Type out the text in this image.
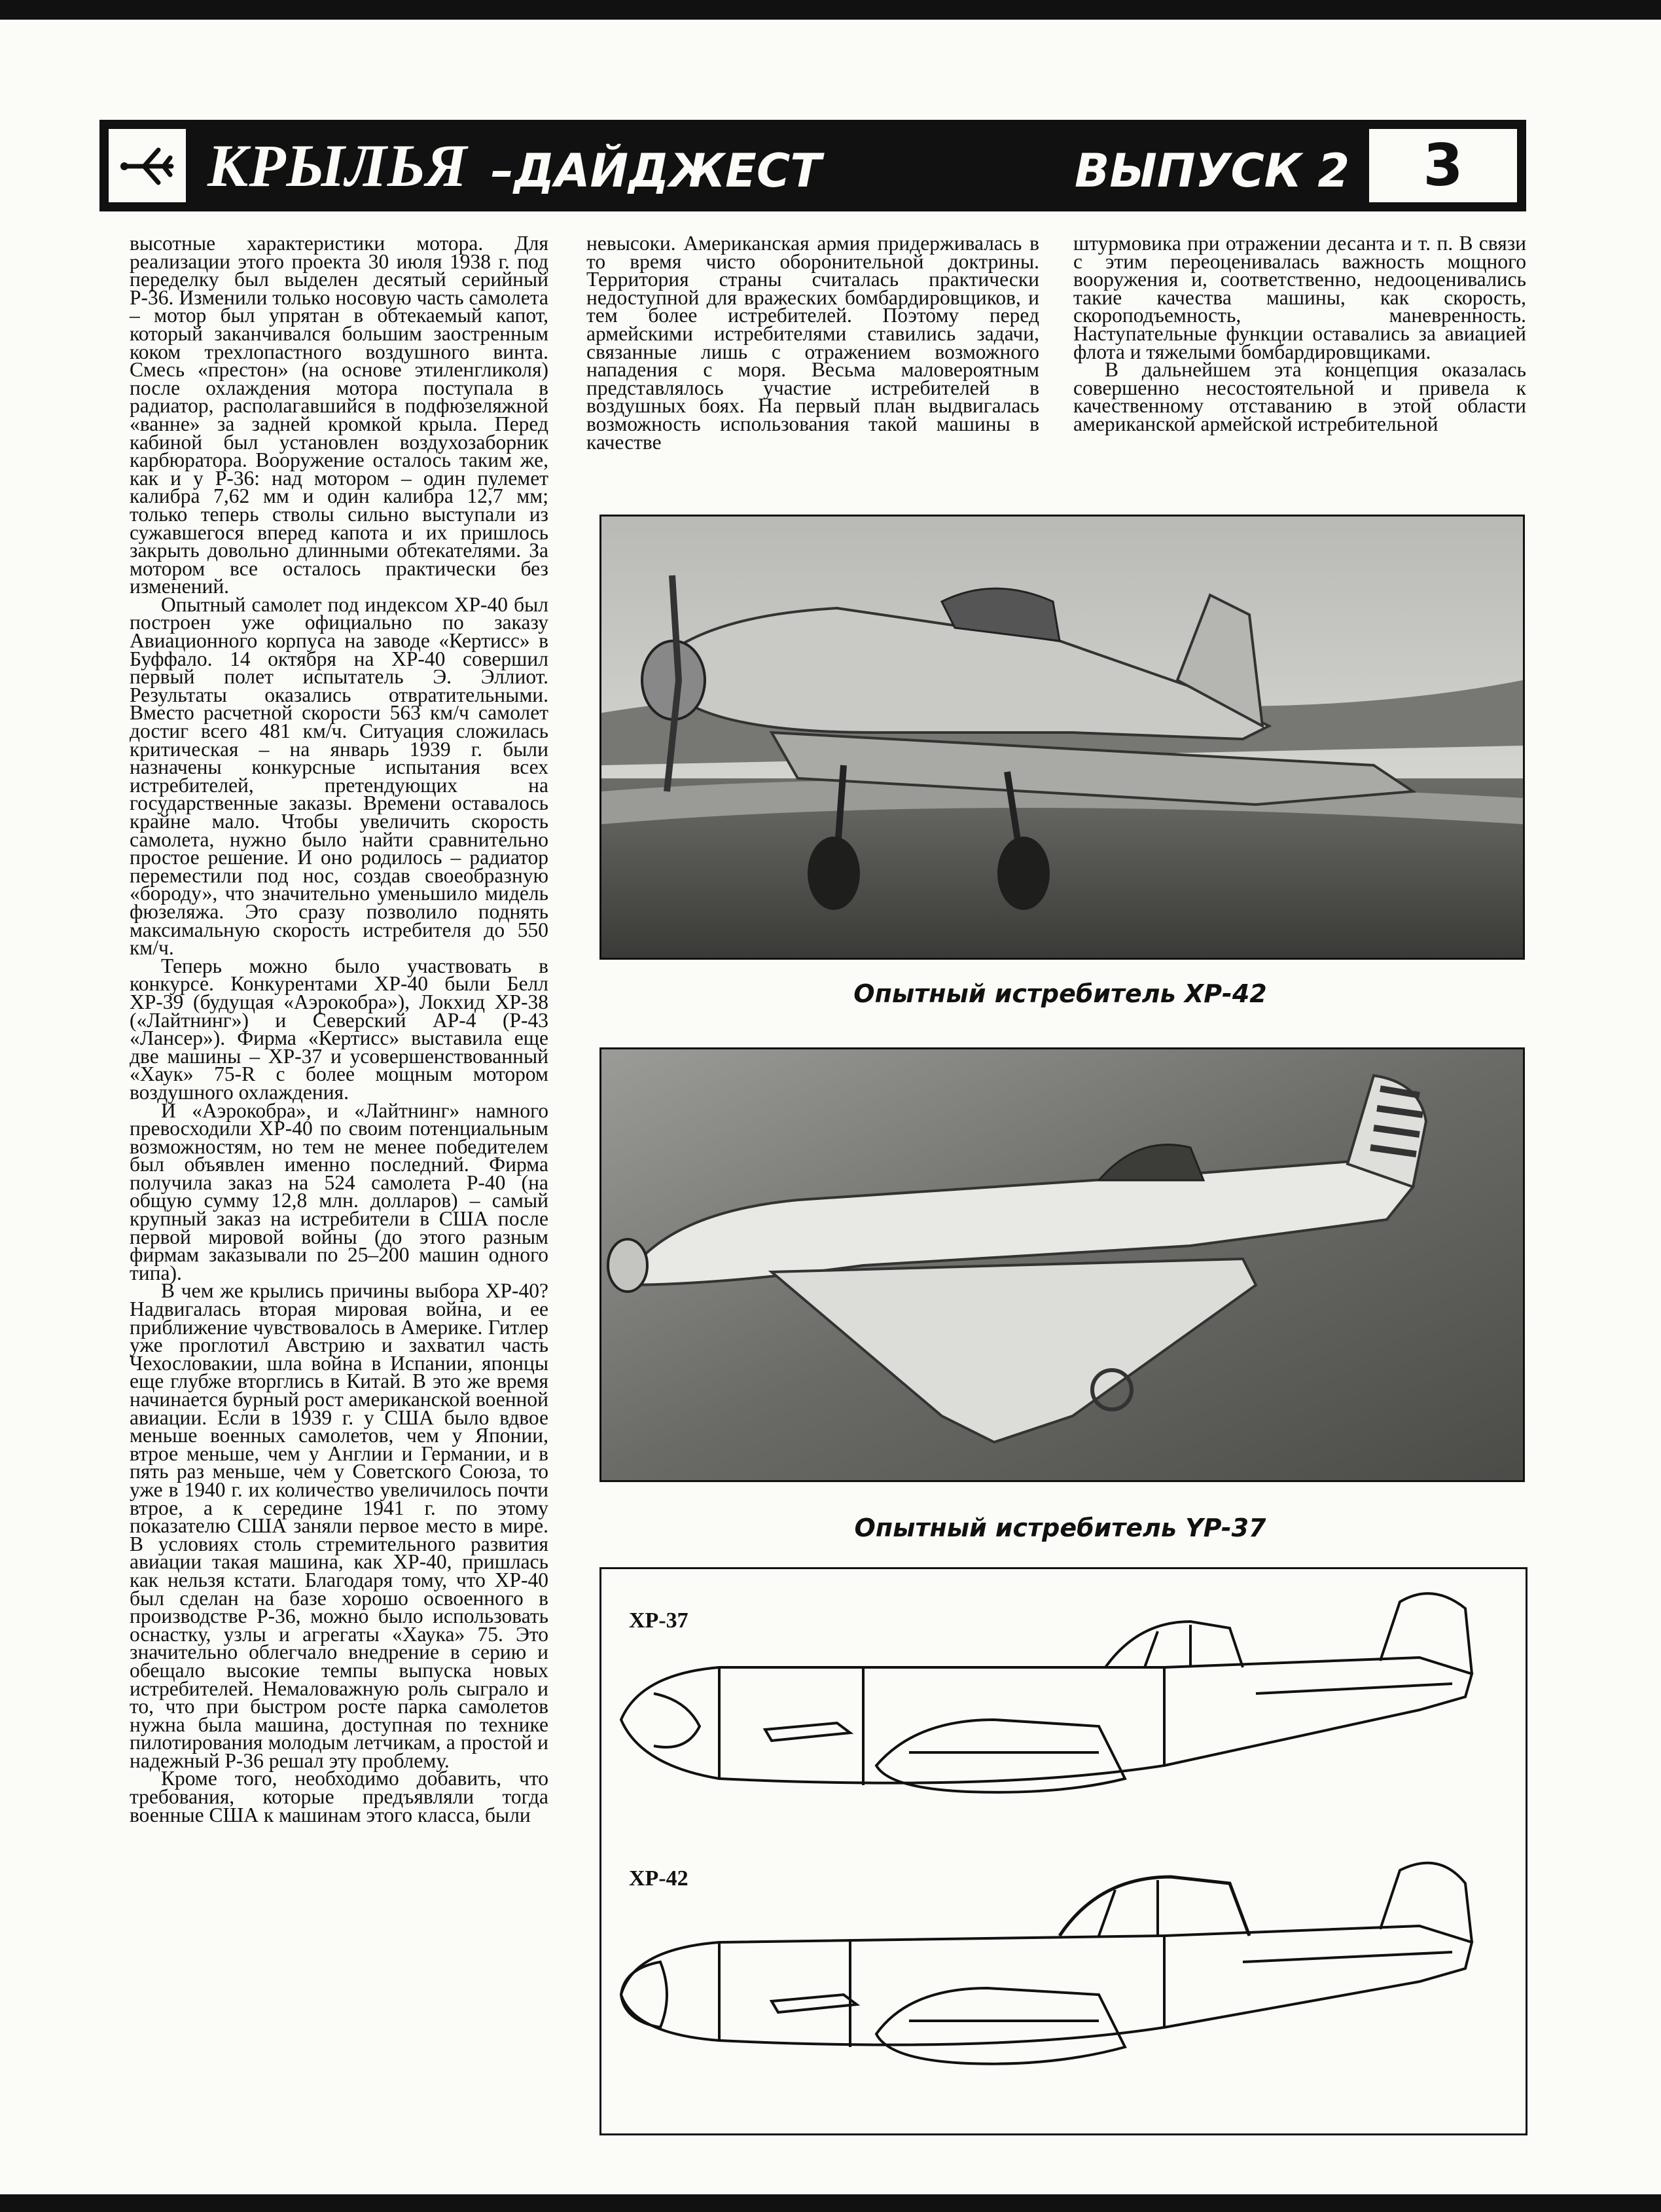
КРЫЛЬЯ –ДАЙДЖЕСТ	ВЫПУСК 2	3

высотные характеристики мотора. Для реализации этого проекта 30 июля 1938 г. под переделку был выделен десятый серийный Р-36. Изменили только носовую часть самолета – мотор был упрятан в обтекаемый капот, который заканчивался большим заостренным коком трехлопастного воздушного винта. Смесь «престон» (на основе этиленгликоля) после охлаждения мотора поступала в радиатор, располагавшийся в подфюзеляжной «ванне» за задней кромкой крыла. Перед кабиной был установлен воздухозаборник карбюратора. Вооружение осталось таким же, как и у Р-36: над мотором – один пулемет калибра 7,62 мм и один калибра 12,7 мм; только теперь стволы сильно выступали из сужавшегося вперед капота и их пришлось закрыть довольно длинными обтекателями. За мотором все осталось практически без изменений.

Опытный самолет под индексом ХР-40 был построен уже официально по заказу Авиационного корпуса на заводе «Кертисс» в Буффало. 14 октября на ХР-40 совершил первый полет испытатель Э. Эллиот. Результаты оказались отвратительными. Вместо расчетной скорости 563 км/ч самолет достиг всего 481 км/ч. Ситуация сложилась критическая – на январь 1939 г. были назначены конкурсные испытания всех истребителей, претендующих на государственные заказы. Времени оставалось крайне мало. Чтобы увеличить скорость самолета, нужно было найти сравнительно простое решение. И оно родилось – радиатор переместили под нос, создав своеобразную «бороду», что значительно уменьшило мидель фюзеляжа. Это сразу позволило поднять максимальную скорость истребителя до 550 км/ч.

Теперь можно было участвовать в конкурсе. Конкурентами ХР-40 были Белл ХР-39 (будущая «Аэрокобра»), Локхид ХР-38 («Лайтнинг») и Северский АР-4 (Р-43 «Лансер»). Фирма «Кертисс» выставила еще две машины – ХР-37 и усовершенствованный «Хаук» 75-R с более мощным мотором воздушного охлаждения.

И «Аэрокобра», и «Лайтнинг» намного превосходили ХР-40 по своим потенциальным возможностям, но тем не менее победителем был объявлен именно последний. Фирма получила заказ на 524 самолета Р-40 (на общую сумму 12,8 млн. долларов) – самый крупный заказ на истребители в США после первой мировой войны (до этого разным фирмам заказывали по 25–200 машин одного типа).

В чем же крылись причины выбора ХР-40? Надвигалась вторая мировая война, и ее приближение чувствовалось в Америке. Гитлер уже проглотил Австрию и захватил часть Чехословакии, шла война в Испании, японцы еще глубже вторглись в Китай. В это же время начинается бурный рост американской военной авиации. Если в 1939 г. у США было вдвое меньше военных самолетов, чем у Японии, втрое меньше, чем у Англии и Германии, и в пять раз меньше, чем у Советского Союза, то уже в 1940 г. их количество увеличилось почти втрое, а к середине 1941 г. по этому показателю США заняли первое место в мире. В условиях столь стремительного развития авиации такая машина, как ХР-40, пришлась как нельзя кстати. Благодаря тому, что ХР-40 был сделан на базе хорошо освоенного в производстве Р-36, можно было использовать оснастку, узлы и агрегаты «Хаука» 75. Это значительно облегчало внедрение в серию и обещало высокие темпы выпуска новых истребителей. Немаловажную роль сыграло и то, что при быстром росте парка самолетов нужна была машина, доступная по технике пилотирования молодым летчикам, а простой и надежный Р-36 решал эту проблему.

Кроме того, необходимо добавить, что требования, которые предъявляли тогда военные США к машинам этого класса, были

невысоки. Американская армия придерживалась в то время чисто оборонительной доктрины. Территория страны считалась практически недоступной для вражеских бомбардировщиков, и тем более истребителей. Поэтому перед армейскими истребителями ставились задачи, связанные лишь с отражением возможного нападения с моря. Весьма маловероятным представлялось участие истребителей в воздушных боях. На первый план выдвигалась возможность использования такой машины в качестве

штурмовика при отражении десанта и т. п. В связи с этим переоценивалась важность мощного вооружения и, соответственно, недооценивались такие качества машины, как скорость, скороподъемность, маневренность. Наступательные функции оставались за авиацией флота и тяжелыми бомбардировщиками.

В дальнейшем эта концепция оказалась совершенно несостоятельной и привела к качественному отставанию в этой области американской армейской истребительной

Опытный истребитель ХР-42
Опытный истребитель YP-37
ХР-37
ХР-42
